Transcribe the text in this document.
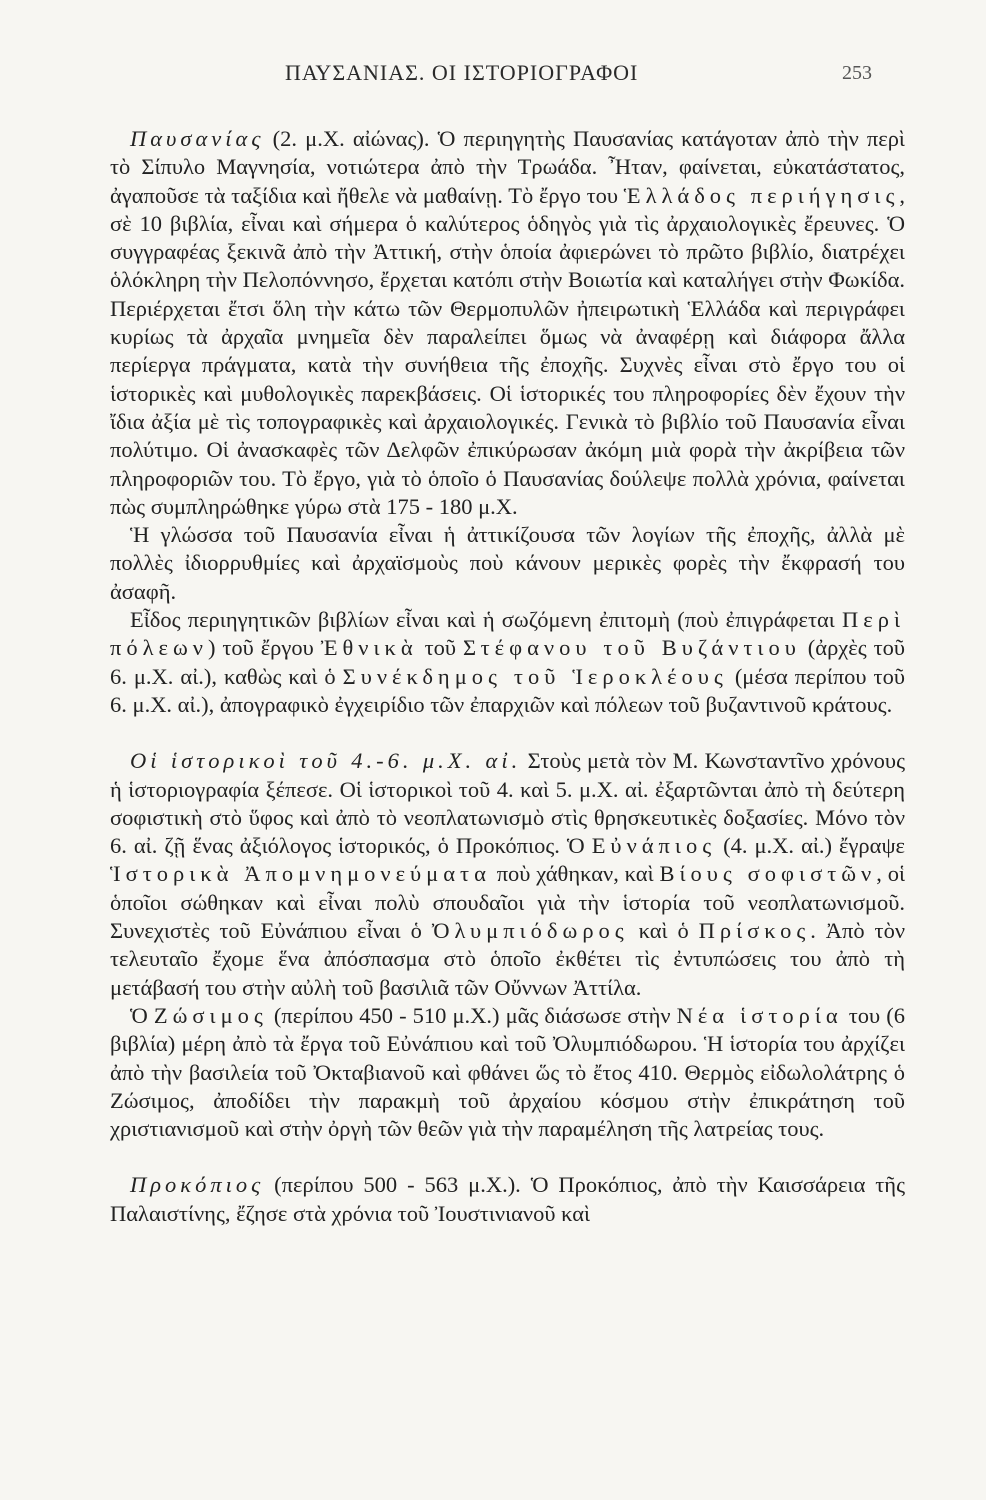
ΠΑΥΣΑΝΙΑΣ. ΟΙ ΙΣΤΟΡΙΟΓΡΑΦΟΙ	253

Παυσανίας (2. μ.Χ. αἰώνας). Ὁ περιηγητὴς Παυσανίας κατάγοταν ἀπὸ τὴν περὶ τὸ Σίπυλο Μαγνησία, νοτιώτερα ἀπὸ τὴν Τρωάδα. Ἦταν, φαίνεται, εὐκατάστατος, ἀγαποῦσε τὰ ταξίδια καὶ ἤθελε νὰ μαθαίνῃ. Τὸ ἔργο του Ἑλλάδος περιήγησις, σὲ 10 βιβλία, εἶναι καὶ σήμερα ὁ καλύτερος ὁδηγὸς γιὰ τὶς ἀρχαιολογικὲς ἔρευνες. Ὁ συγγραφέας ξεκινᾶ ἀπὸ τὴν Ἀττική, στὴν ὁποία ἀφιερώνει τὸ πρῶτο βιβλίο, διατρέχει ὁλόκληρη τὴν Πελοπόννησο, ἔρχεται κατόπι στὴν Βοιωτία καὶ καταλήγει στὴν Φωκίδα. Περιέρχεται ἔτσι ὅλη τὴν κάτω τῶν Θερμοπυλῶν ἠπειρωτικὴ Ἑλλάδα καὶ περιγράφει κυρίως τὰ ἀρχαῖα μνημεῖα δὲν παραλείπει ὅμως νὰ ἀναφέρῃ καὶ διάφορα ἄλλα περίεργα πράγματα, κατὰ τὴν συνήθεια τῆς ἐποχῆς. Συχνὲς εἶναι στὸ ἔργο του οἱ ἱστορικὲς καὶ μυθολογικὲς παρεκβάσεις. Οἱ ἱστορικές του πληροφορίες δὲν ἔχουν τὴν ἴδια ἀξία μὲ τὶς τοπογραφικὲς καὶ ἀρχαιολογικές. Γενικὰ τὸ βιβλίο τοῦ Παυσανία εἶναι πολύτιμο. Οἱ ἀνασκαφὲς τῶν Δελφῶν ἐπικύρωσαν ἀκόμη μιὰ φορὰ τὴν ἀκρίβεια τῶν πληροφοριῶν του. Τὸ ἔργο, γιὰ τὸ ὁποῖο ὁ Παυσανίας δούλεψε πολλὰ χρόνια, φαίνεται πὼς συμπληρώθηκε γύρω στὰ 175 - 180 μ.Χ.

Ἡ γλώσσα τοῦ Παυσανία εἶναι ἡ ἀττικίζουσα τῶν λογίων τῆς ἐποχῆς, ἀλλὰ μὲ πολλὲς ἰδιορρυθμίες καὶ ἀρχαϊσμοὺς ποὺ κάνουν μερικὲς φορὲς τὴν ἔκφρασή του ἀσαφῆ.

Εἶδος περιηγητικῶν βιβλίων εἶναι καὶ ἡ σωζόμενη ἐπιτομὴ (ποὺ ἐπιγράφεται Περὶ πόλεων) τοῦ ἔργου Ἐθνικὰ τοῦ Στέφανου τοῦ Βυζάντιου (ἀρχὲς τοῦ 6. μ.Χ. αἰ.), καθὼς καὶ ὁ Συνέκδημος τοῦ Ἱεροκλέους (μέσα περίπου τοῦ 6. μ.Χ. αἰ.), ἀπογραφικὸ ἐγχειρίδιο τῶν ἐπαρχιῶν καὶ πόλεων τοῦ βυζαντινοῦ κράτους.

Οἱ ἱστορικοὶ τοῦ 4.-6. μ.Χ. αἰ. Στοὺς μετὰ τὸν Μ. Κωνσταντῖνο χρόνους ἡ ἱστοριογραφία ξέπεσε. Οἱ ἱστορικοὶ τοῦ 4. καὶ 5. μ.Χ. αἰ. ἐξαρτῶνται ἀπὸ τὴ δεύτερη σοφιστικὴ στὸ ὕφος καὶ ἀπὸ τὸ νεοπλατωνισμὸ στὶς θρησκευτικὲς δοξασίες. Μόνο τὸν 6. αἰ. ζῇ ἕνας ἀξιόλογος ἱστορικός, ὁ Προκόπιος. Ὁ Εὐνάπιος (4. μ.Χ. αἰ.) ἔγραψε Ἱστορικὰ Ἀπομνημονεύματα ποὺ χάθηκαν, καὶ Βίους σοφιστῶν, οἱ ὁποῖοι σώθηκαν καὶ εἶναι πολὺ σπουδαῖοι γιὰ τὴν ἱστορία τοῦ νεοπλατωνισμοῦ. Συνεχιστὲς τοῦ Εὐνάπιου εἶναι ὁ Ὀλυμπιόδωρος καὶ ὁ Πρίσκος. Ἀπὸ τὸν τελευταῖο ἔχομε ἕνα ἀπόσπασμα στὸ ὁποῖο ἐκθέτει τὶς ἐντυπώσεις του ἀπὸ τὴ μετάβασή του στὴν αὐλὴ τοῦ βασιλιᾶ τῶν Οὔννων Ἀττίλα.

Ὁ Ζώσιμος (περίπου 450 - 510 μ.Χ.) μᾶς διάσωσε στὴν Νέα ἱστορία του (6 βιβλία) μέρη ἀπὸ τὰ ἔργα τοῦ Εὐνάπιου καὶ τοῦ Ὀλυμπιόδωρου. Ἡ ἱστορία του ἀρχίζει ἀπὸ τὴν βασιλεία τοῦ Ὀκταβιανοῦ καὶ φθάνει ὥς τὸ ἔτος 410. Θερμὸς εἰδωλολάτρης ὁ Ζώσιμος, ἀποδίδει τὴν παρακμὴ τοῦ ἀρχαίου κόσμου στὴν ἐπικράτηση τοῦ χριστιανισμοῦ καὶ στὴν ὀργὴ τῶν θεῶν γιὰ τὴν παραμέληση τῆς λατρείας τους.

Προκόπιος (περίπου 500 - 563 μ.Χ.). Ὁ Προκόπιος, ἀπὸ τὴν Καισσάρεια τῆς Παλαιστίνης, ἔζησε στὰ χρόνια τοῦ Ἰουστινιανοῦ καὶ
